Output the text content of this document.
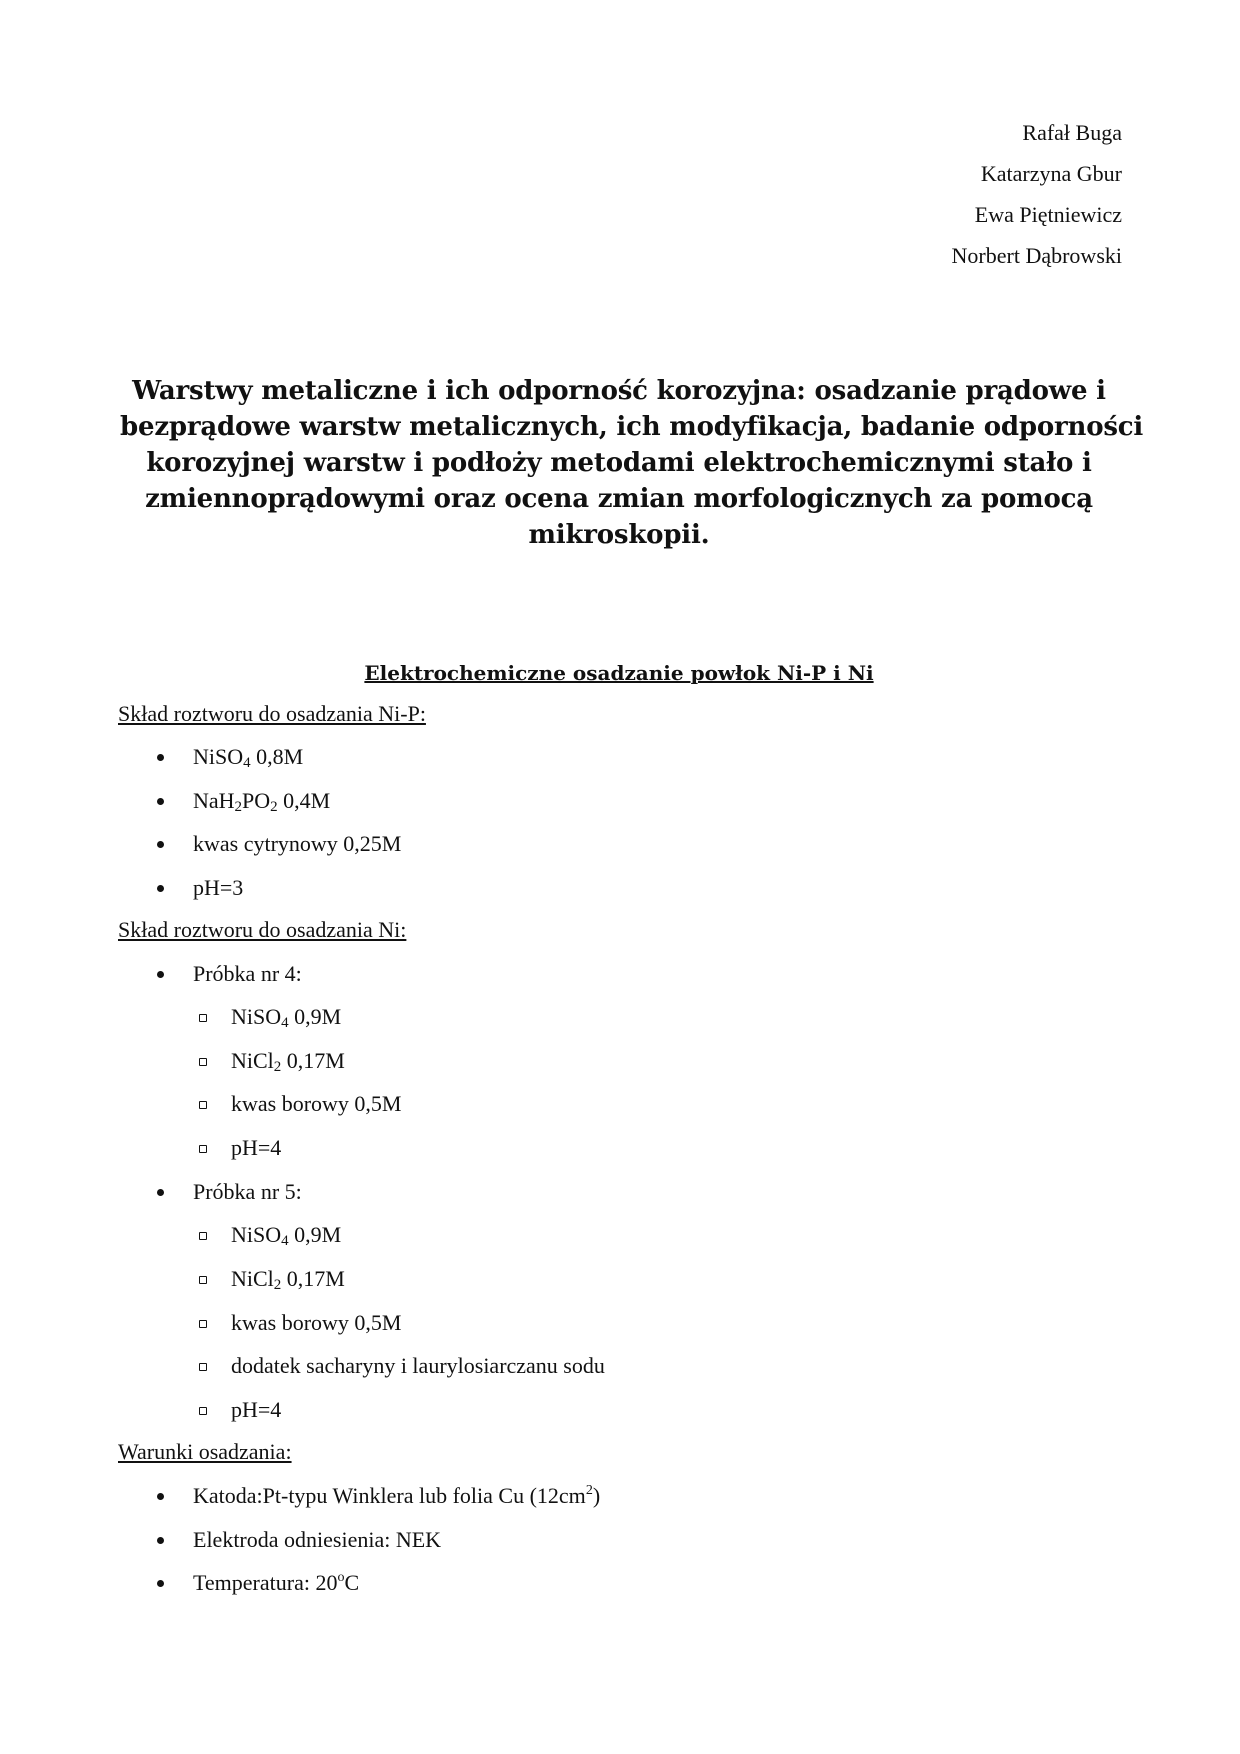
Rafał Buga
Katarzyna Gbur
Ewa Piętniewicz
Norbert Dąbrowski
Warstwy metaliczne i ich odporność korozyjna: osadzanie prądowe i
bezprądowe warstw metalicznych, ich modyfikacja, badanie odporności
korozyjnej warstw i podłoży metodami elektrochemicznymi stało i
zmiennoprądowymi oraz ocena zmian morfologicznych za pomocą
mikroskopii.
Elektrochemiczne osadzanie powłok Ni-P i Ni
Skład roztworu do osadzania Ni-P:
NiSO$_4$ 0,8M
$NaH_2PO_2$ 0,4M
kwas cytrynowy 0,25M
pH=3
Skład roztworu do osadzania Ni:
Próbka nr 4:
NiSO$_4$ 0,9M
NiCl$_2$ 0,17M
kwas borowy 0,5M
pH=4
Próbka nr 5:
NiSO$_4$ 0,9M
NiCl$_2$ 0,17M
kwas borowy 0,5M
dodatek sacharyny i laurylosiarczanu sodu
pH=4
Warunki osadzania:
Katoda:Pt-typu Winklera lub folia Cu $(12cm^2)$
Elektroda odniesienia: NEK
Temperatura: 20$^o$C
